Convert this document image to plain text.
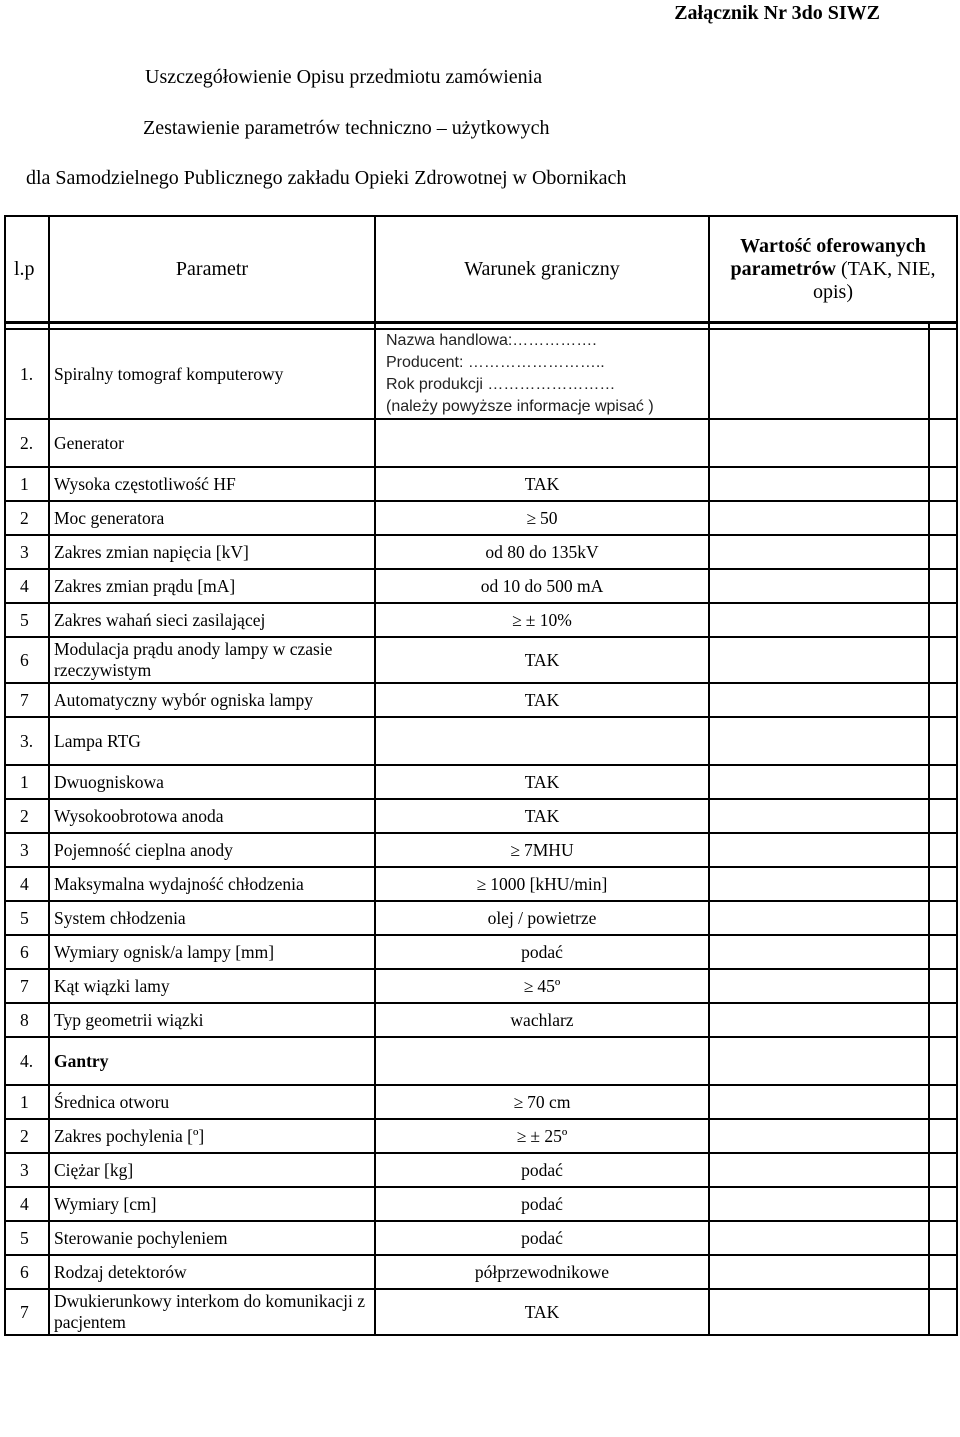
Załącznik Nr 3do SIWZ
Uszczegółowienie Opisu przedmiotu zamówienia
Zestawienie parametrów techniczno – użytkowych
dla Samodzielnego Publicznego zakładu Opieki Zdrowotnej w Obornikach
l.p	Parametr	Warunek graniczny	Wartość oferowanych parametrów (TAK, NIE, opis)	

1.	Spiralny tomograf komputerowy	Nazwa handlowa:…………….
Producent: ……………………..
Rok produkcji ……………………
(należy powyższe informacje wpisać )		

2.	Generator			
1	Wysoka częstotliwość HF	TAK		
2	Moc generatora	≥ 50		
3	Zakres zmian napięcia [kV]	od 80 do 135kV		
4	Zakres zmian prądu [mA]	od 10 do 500 mA		
5	Zakres wahań sieci zasilającej	≥ ± 10%		
6	Modulacja prądu anody lampy w czasie rzeczywistym	TAK		
7	Automatyczny wybór ogniska lampy	TAK		
3.	Lampa RTG			
1	Dwuogniskowa	TAK		
2	Wysokoobrotowa anoda	TAK		
3	Pojemność cieplna anody	≥ 7MHU		
4	Maksymalna wydajność chłodzenia	≥ 1000 [kHU/min]		
5	System chłodzenia	olej / powietrze		
6	Wymiary ognisk/a lampy [mm]	podać		
7	Kąt wiązki lamy	≥ 45º		
8	Typ geometrii wiązki	wachlarz		
4.	Gantry			
1	Średnica otworu	≥ 70 cm		
2	Zakres pochylenia [º]	≥ ± 25º		
3	Ciężar [kg]	podać		
4	Wymiary [cm]	podać		
5	Sterowanie pochyleniem	podać		
6	Rodzaj detektorów	półprzewodnikowe		
7	Dwukierunkowy interkom do komunikacji z pacjentem	TAK		
